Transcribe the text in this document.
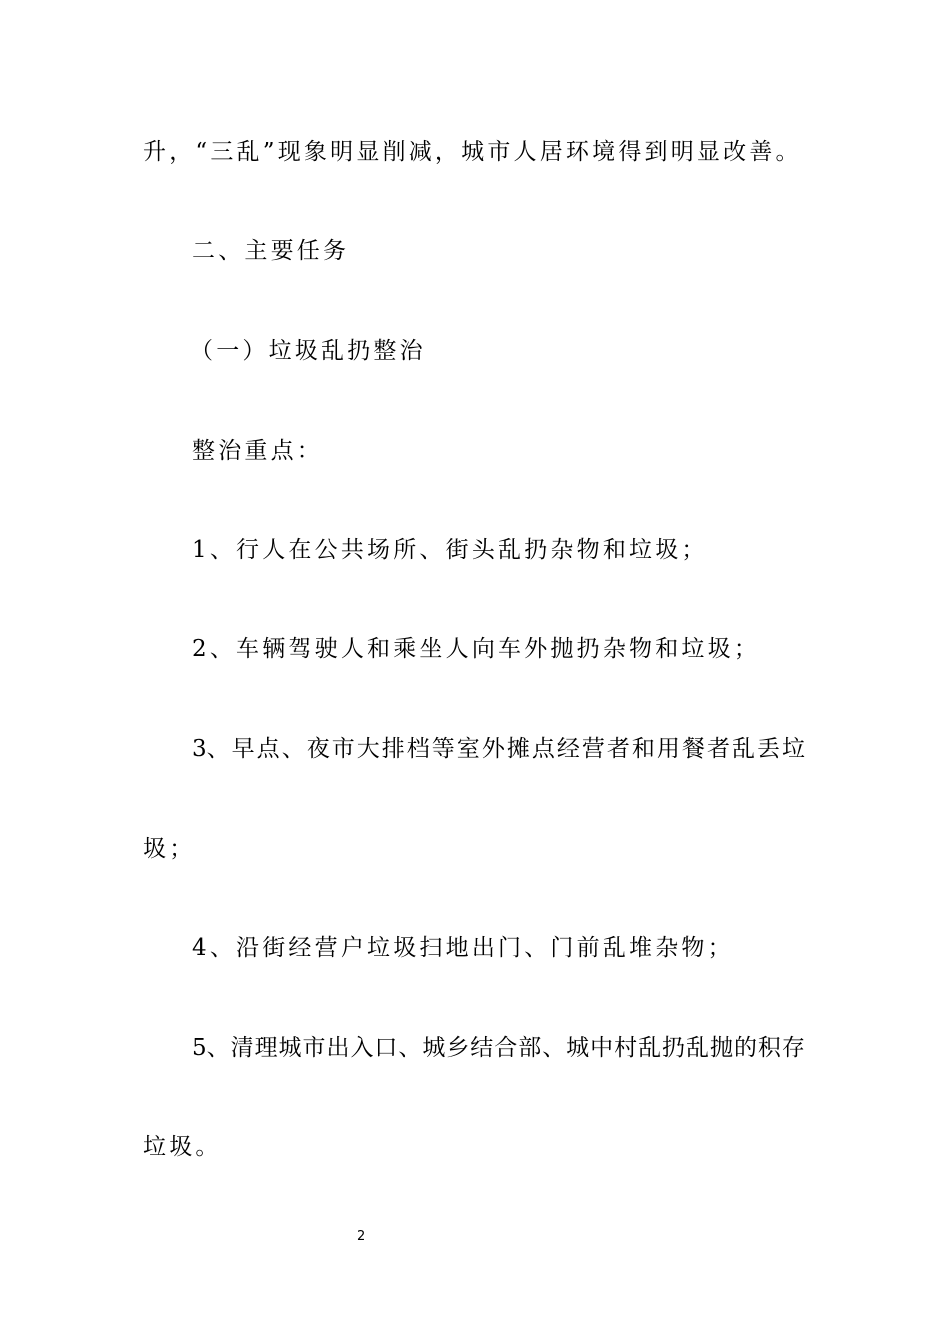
升，“三乱”现象明显削减，城市人居环境得到明显改善。
二、主要任务
（一）垃圾乱扔整治
整治重点：
1、行人在公共场所、街头乱扔杂物和垃圾；
2、车辆驾驶人和乘坐人向车外抛扔杂物和垃圾；
3、 早 点 、 夜 市 大 排 档 等 室 外 摊 点 经 营 者 和 用 餐 者 乱 丢 垃
圾；
4、沿街经营户垃圾扫地出门、门前乱堆杂物；
5、 清 理 城 市 出 入 口 、 城 乡 结 合 部 、 城 中 村 乱 扔 乱 抛 的 积 存
垃圾。
2
